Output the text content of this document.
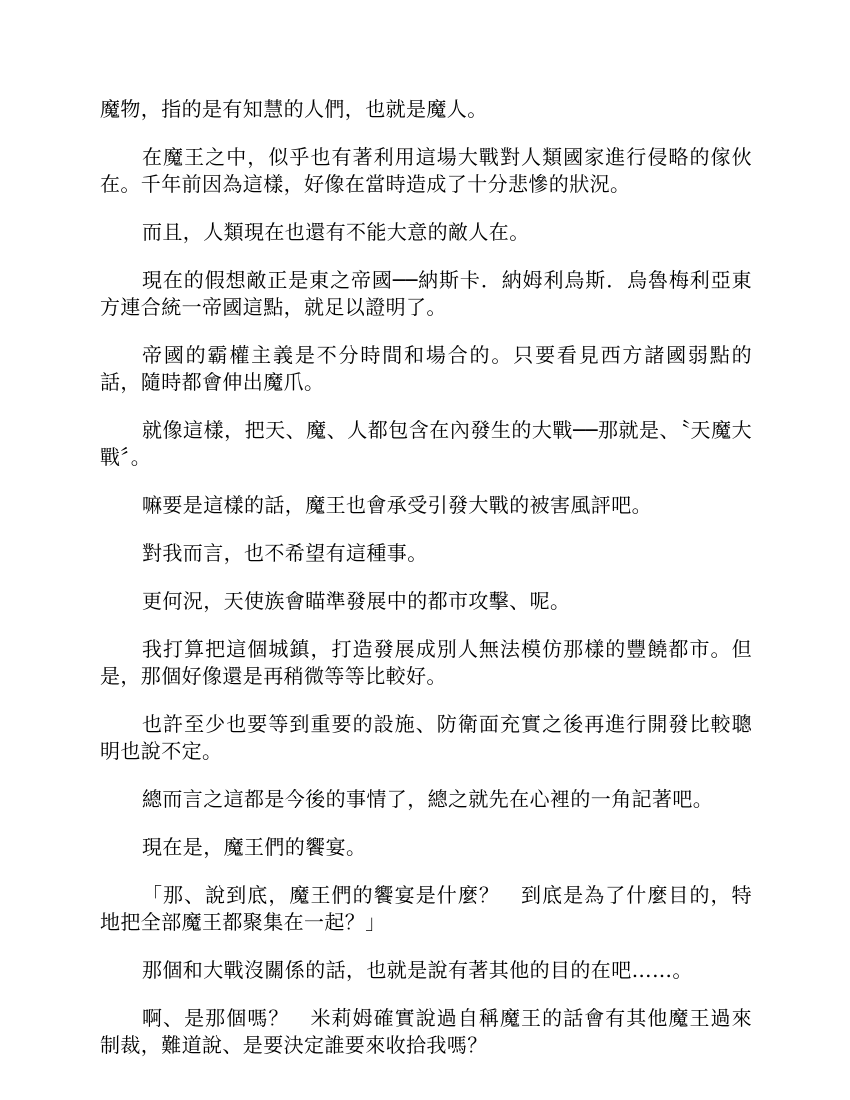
魔物，指的是有知慧的人們，也就是魔人。

在魔王之中，似乎也有著利用這場大戰對人類國家進行侵略的傢伙在。千年前因為這樣，好像在當時造成了十分悲慘的狀況。

而且，人類現在也還有不能大意的敵人在。

現在的假想敵正是東之帝國──納斯卡．納姆利烏斯．烏魯梅利亞東方連合統一帝國這點，就足以證明了。

帝國的霸權主義是不分時間和場合的。只要看見西方諸國弱點的話，隨時都會伸出魔爪。

就像這樣，把天、魔、人都包含在內發生的大戰──那就是、〝天魔大戰〞。

嘛要是這樣的話，魔王也會承受引發大戰的被害風評吧。

對我而言，也不希望有這種事。

更何況，天使族會瞄準發展中的都市攻擊、呢。

我打算把這個城鎮，打造發展成別人無法模仿那樣的豐饒都市。但是，那個好像還是再稍微等等比較好。

也許至少也要等到重要的設施、防衛面充實之後再進行開發比較聰明也說不定。

總而言之這都是今後的事情了，總之就先在心裡的一角記著吧。

現在是，魔王們的饗宴。

「那、說到底，魔王們的饗宴是什麼？　到底是為了什麼目的，特地把全部魔王都聚集在一起？」

那個和大戰沒關係的話，也就是說有著其他的目的在吧……。

啊、是那個嗎？　米莉姆確實說過自稱魔王的話會有其他魔王過來制裁，難道說、是要決定誰要來收拾我嗎？
